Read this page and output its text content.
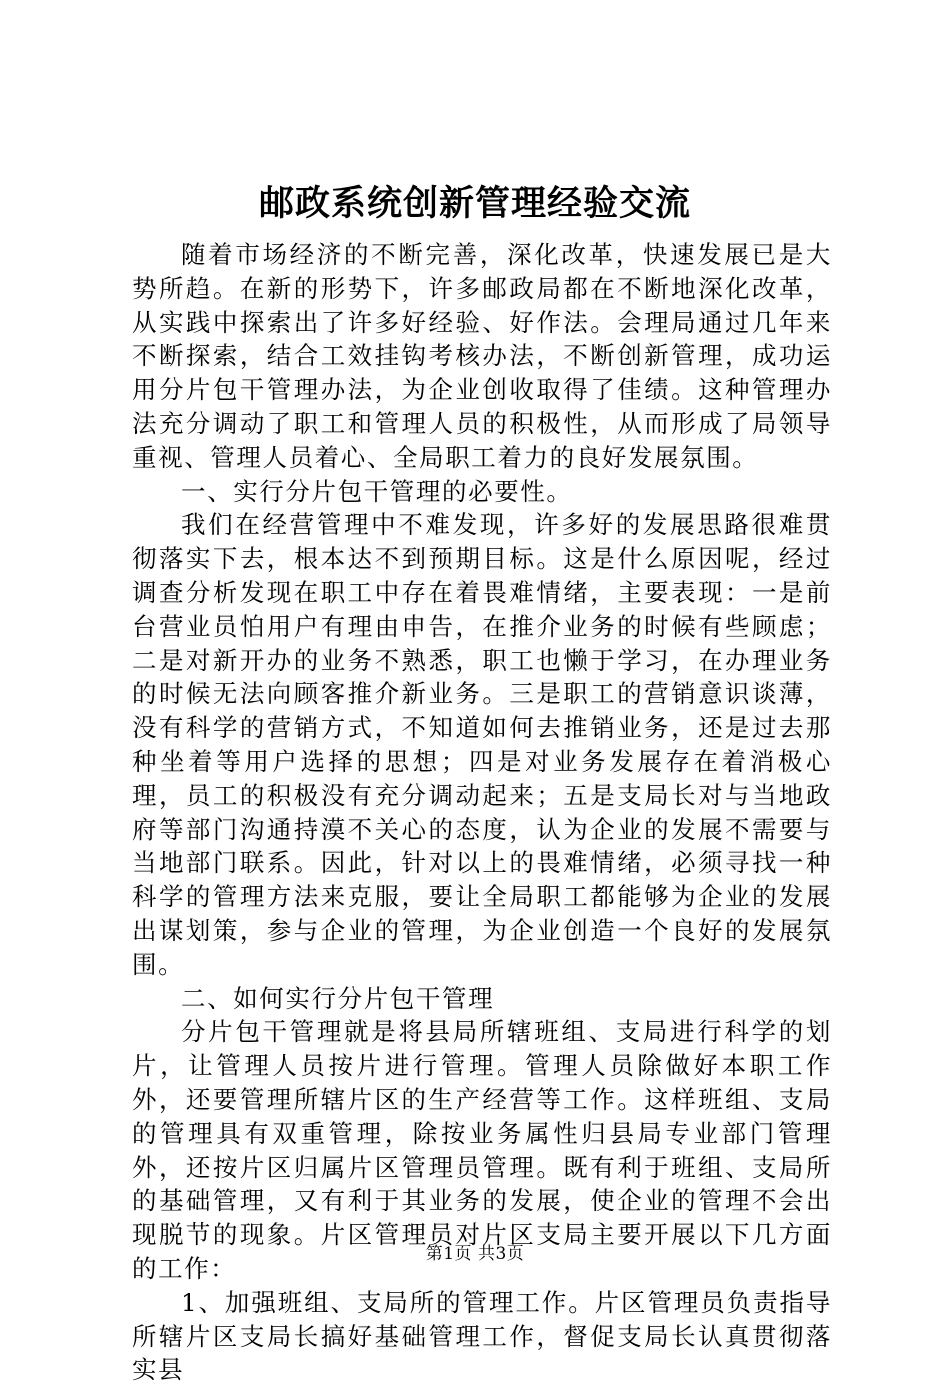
邮政系统创新管理经验交流

随着市场经济的不断完善，深化改革，快速发展已是大势所趋。在新的形势下，许多邮政局都在不断地深化改革，从实践中探索出了许多好经验、好作法。会理局通过几年来不断探索，结合工效挂钩考核办法，不断创新管理，成功运用分片包干管理办法，为企业创收取得了佳绩。这种管理办法充分调动了职工和管理人员的积极性，从而形成了局领导重视、管理人员着心、全局职工着力的良好发展氛围。

一、实行分片包干管理的必要性。

我们在经营管理中不难发现，许多好的发展思路很难贯彻落实下去，根本达不到预期目标。这是什么原因呢，经过调查分析发现在职工中存在着畏难情绪，主要表现：一是前台营业员怕用户有理由申告，在推介业务的时候有些顾虑；二是对新开办的业务不熟悉，职工也懒于学习，在办理业务的时候无法向顾客推介新业务。三是职工的营销意识谈薄，没有科学的营销方式，不知道如何去推销业务，还是过去那种坐着等用户选择的思想；四是对业务发展存在着消极心理，员工的积极没有充分调动起来；五是支局长对与当地政府等部门沟通持漠不关心的态度，认为企业的发展不需要与当地部门联系。因此，针对以上的畏难情绪，必须寻找一种科学的管理方法来克服，要让全局职工都能够为企业的发展出谋划策，参与企业的管理，为企业创造一个良好的发展氛围。

二、如何实行分片包干管理

分片包干管理就是将县局所辖班组、支局进行科学的划片，让管理人员按片进行管理。管理人员除做好本职工作外，还要管理所辖片区的生产经营等工作。这样班组、支局的管理具有双重管理，除按业务属性归县局专业部门管理外，还按片区归属片区管理员管理。既有利于班组、支局所的基础管理，又有利于其业务的发展，使企业的管理不会出现脱节的现象。片区管理员对片区支局主要开展以下几方面的工作：

1、加强班组、支局所的管理工作。片区管理员负责指导所辖片区支局长搞好基础管理工作，督促支局长认真贯彻落实县

第1页 共3页
